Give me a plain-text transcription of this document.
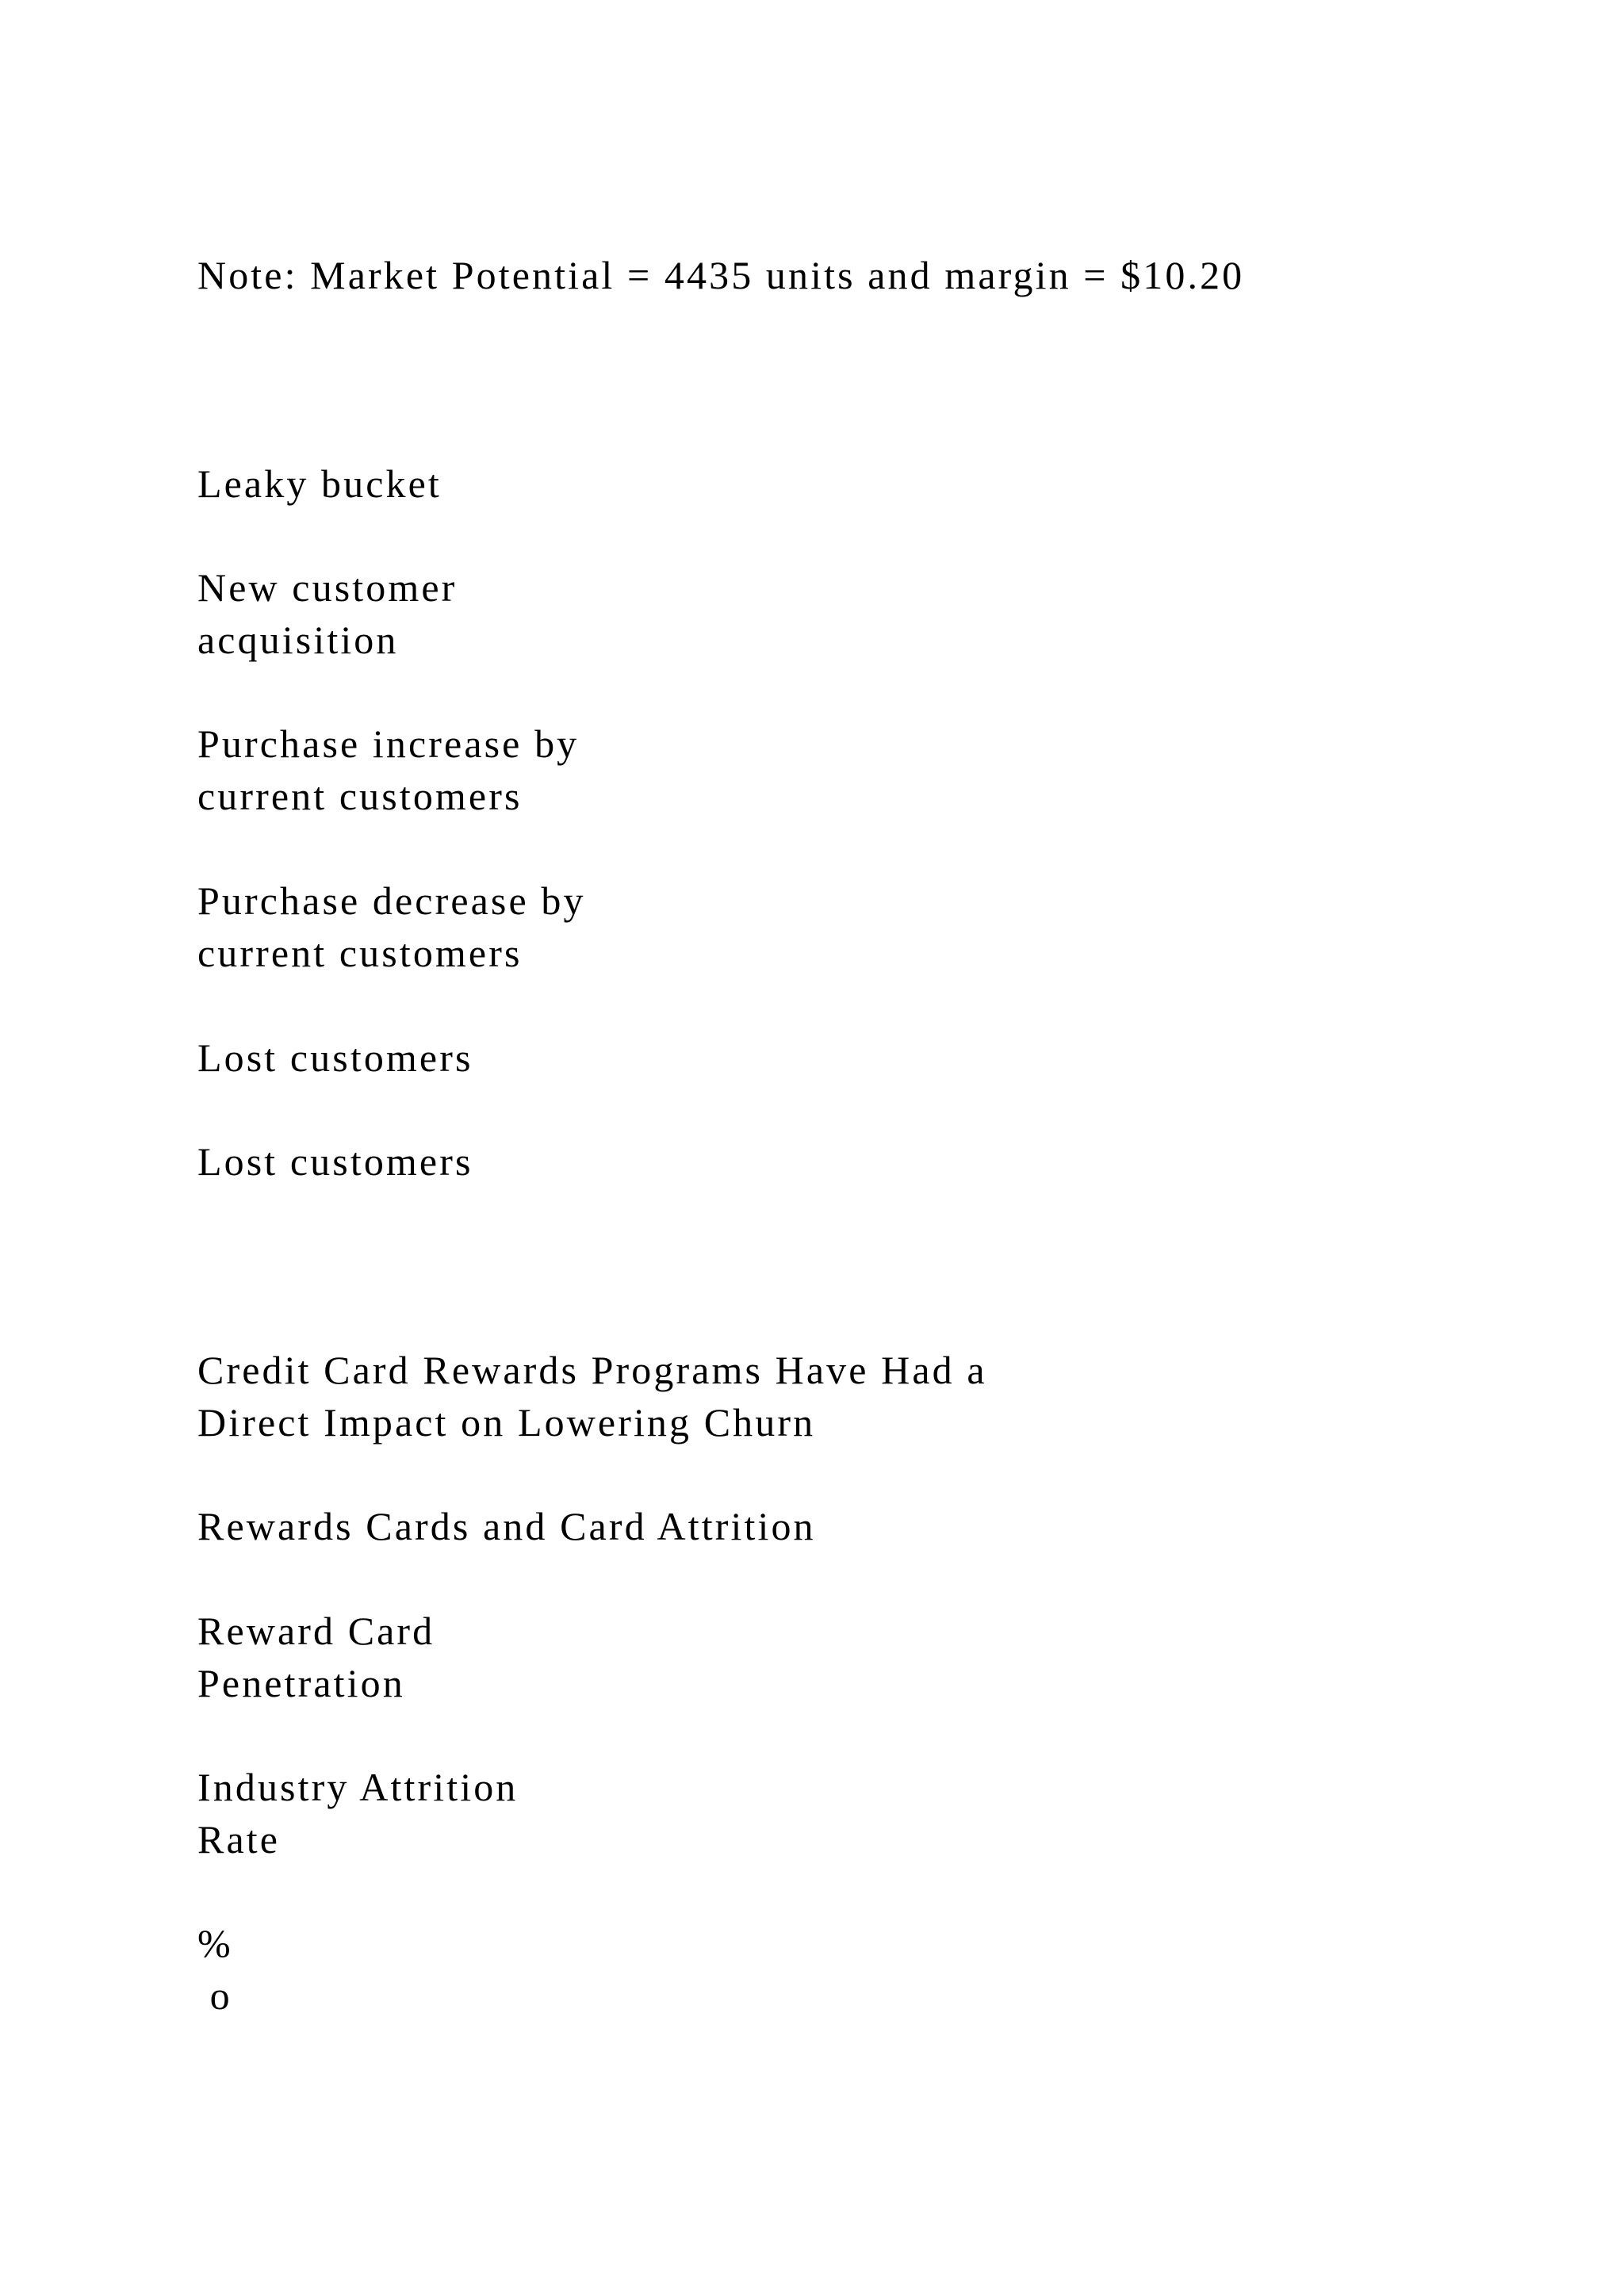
Note: Market Potential = 4435 units and margin = $10.20

Leaky bucket

New customer

acquisition

Purchase increase by

current customers

Purchase decrease by

current customers

Lost customers

Lost customers

Credit Card Rewards Programs Have Had a

Direct Impact on Lowering Churn

Rewards Cards and Card Attrition

Reward Card

Penetration

Industry Attrition

Rate

%

o
